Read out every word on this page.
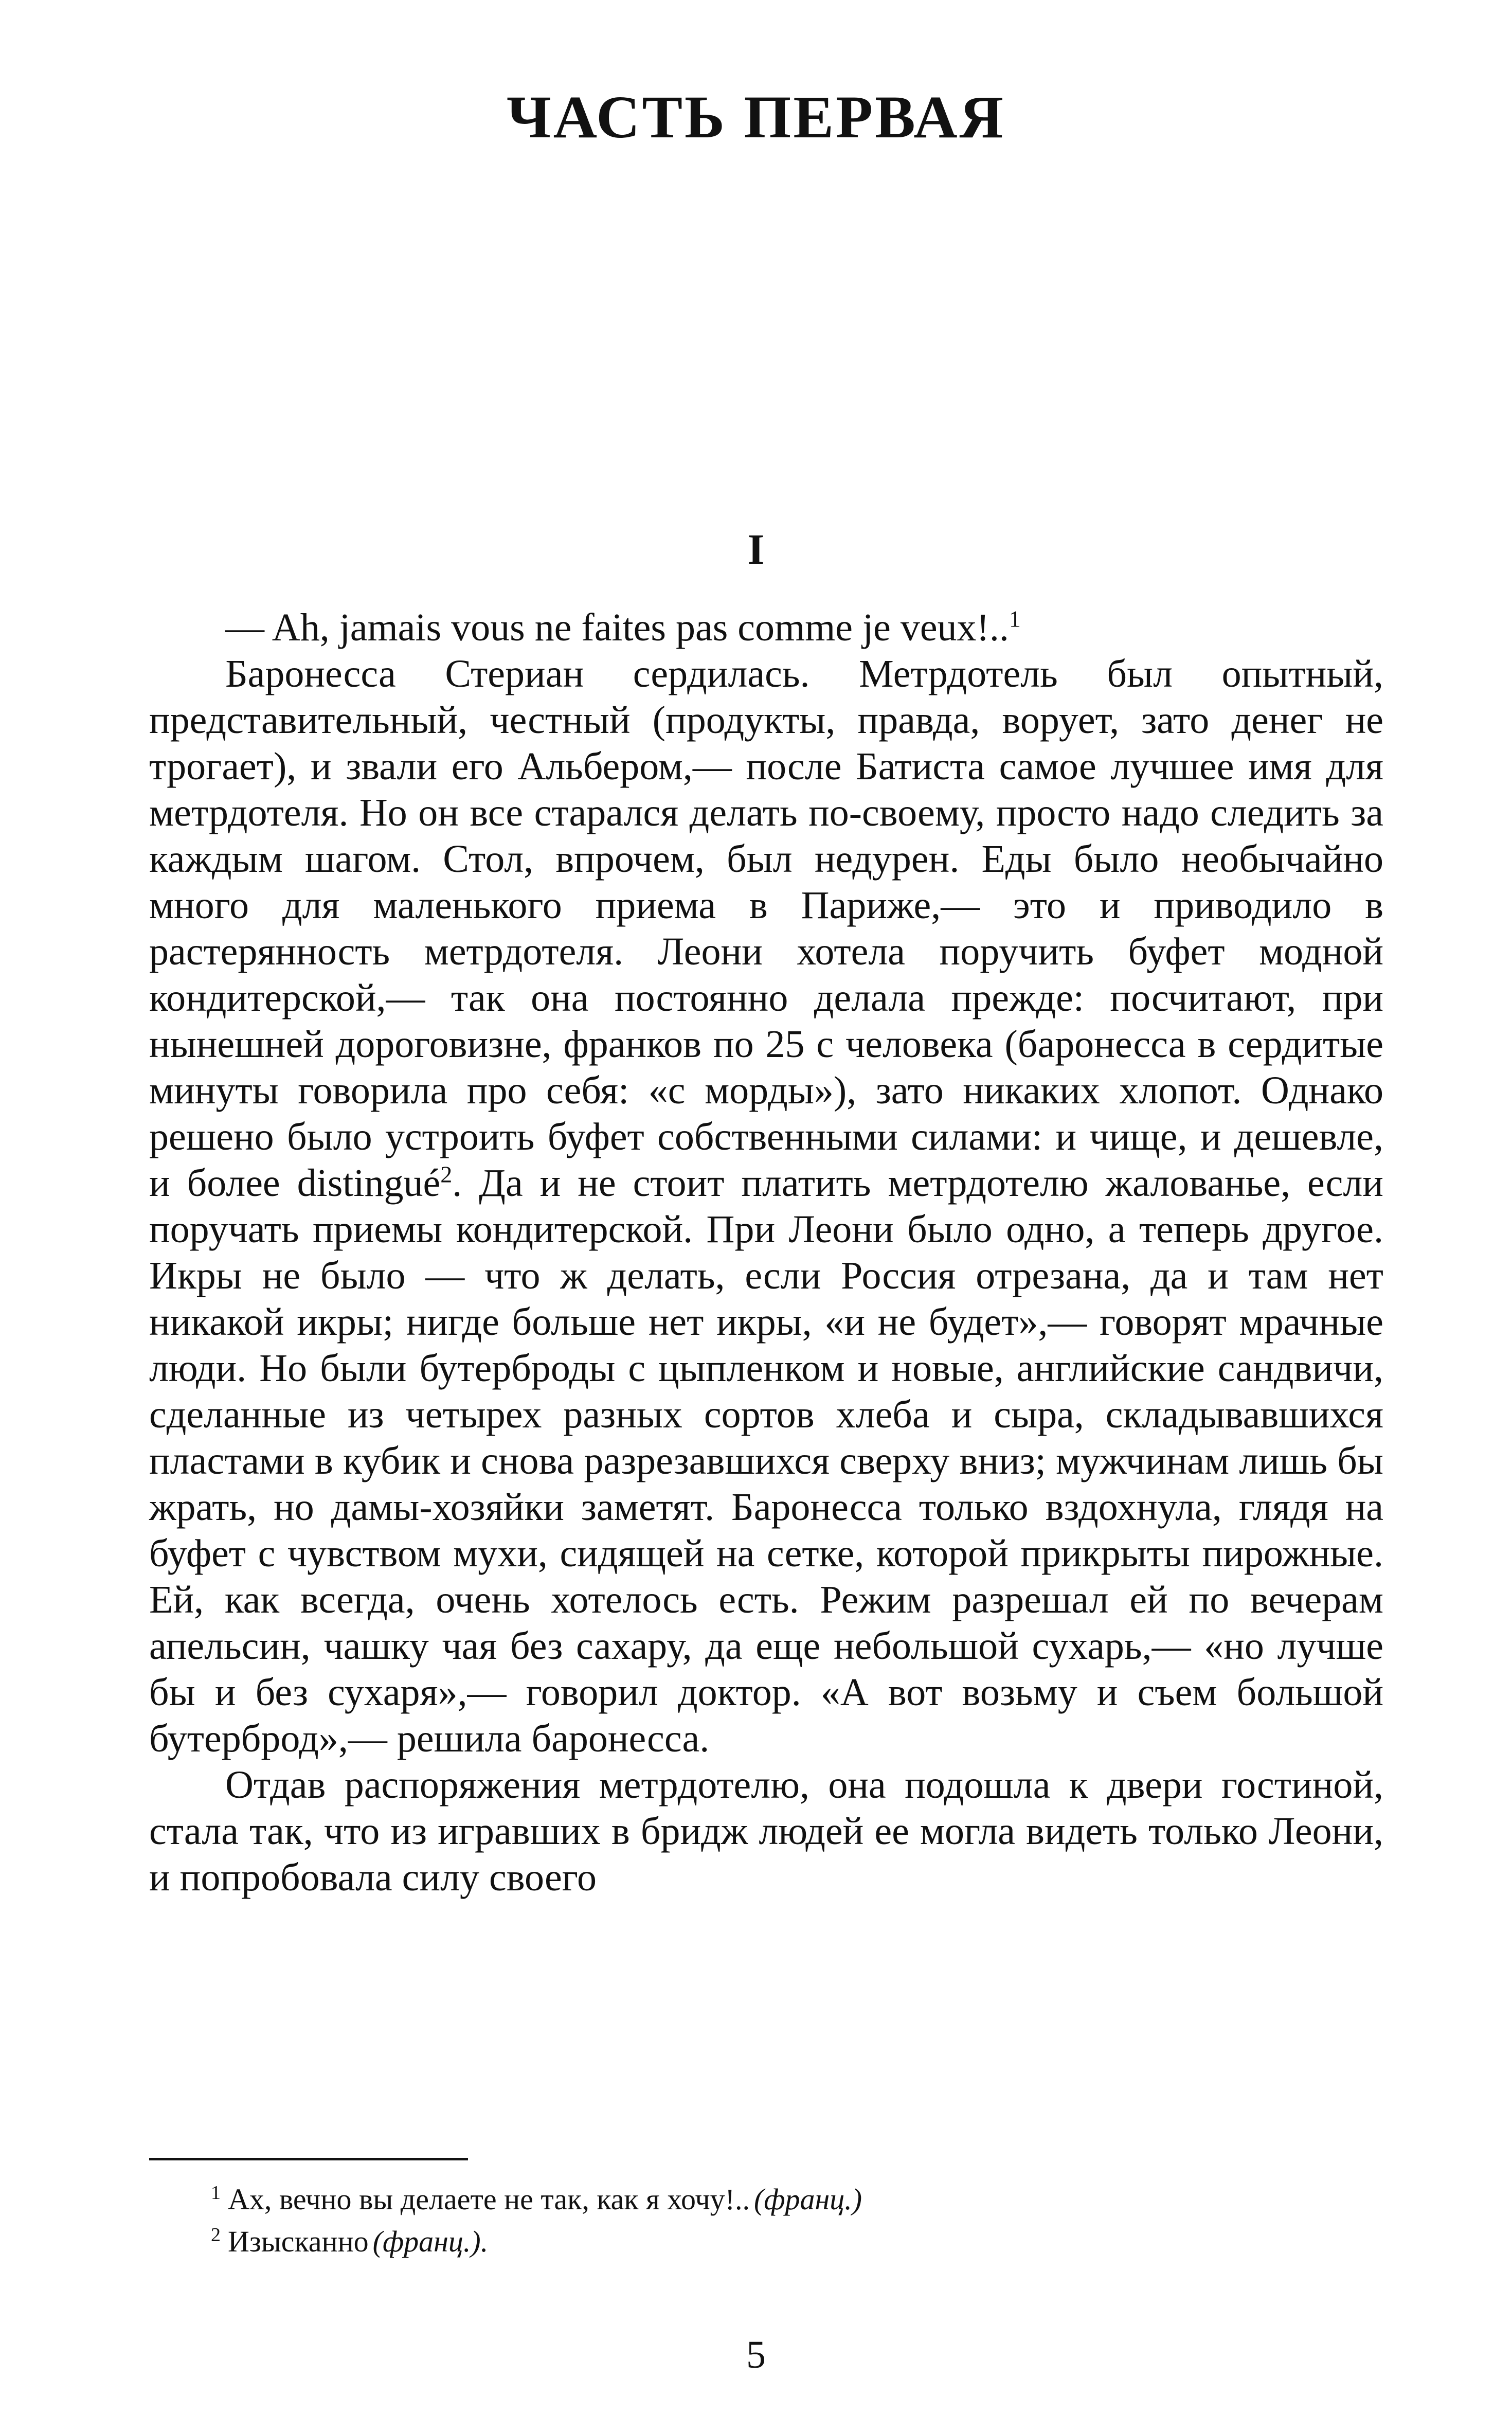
ЧАСТЬ ПЕРВАЯ
I

— Ah, jamais vous ne faites pas comme je veux!..$^1$

Баронесса Стериан сердилась. Метрдотель был опытный, представительный, честный (продукты, правда, ворует, зато денег не трогает), и звали его Альбером,— после Батиста самое лучшее имя для метрдотеля. Но он все старался делать по-своему, просто надо следить за каждым шагом. Стол, впрочем, был недурен. Еды было необычайно много для маленького приема в Париже,— это и приводило в растерянность метрдотеля. Леони хотела поручить буфет модной кондитерской,— так она постоянно делала прежде: посчитают, при нынешней дороговизне, франков по 25 с человека (баронесса в сердитые минуты говорила про себя: «с морды»), зато никаких хлопот. Однако решено было устроить буфет собственными силами: и чище, и дешевле, и более distingué$^2$. Да и не стоит платить метрдотелю жалованье, если поручать приемы кондитерской. При Леони было одно, а теперь другое. Икры не было — что ж делать, если Россия отрезана, да и там нет никакой икры; нигде больше нет икры, «и не будет»,— говорят мрачные люди. Но были бутерброды с цыпленком и новые, английские сандвичи, сделанные из четырех разных сортов хлеба и сыра, складывавшихся пластами в кубик и снова разрезавшихся сверху вниз; мужчинам лишь бы жрать, но дамы-хозяйки заметят. Баронесса только вздохнула, глядя на буфет с чувством мухи, сидящей на сетке, которой прикрыты пирожные. Ей, как всегда, очень хотелось есть. Режим разрешал ей по вечерам апельсин, чашку чая без сахару, да еще небольшой сухарь,— «но лучше бы и без сухаря»,— говорил доктор. «А вот возьму и съем большой бутерброд»,— решила баронесса.

Отдав распоряжения метрдотелю, она подошла к двери гостиной, стала так, что из игравших в бридж людей ее могла видеть только Леони, и попробовала силу своего

$^1$ Ах, вечно вы делаете не так, как я хочу!.. (франц.)

$^2$ Изысканно (франц.).

5
